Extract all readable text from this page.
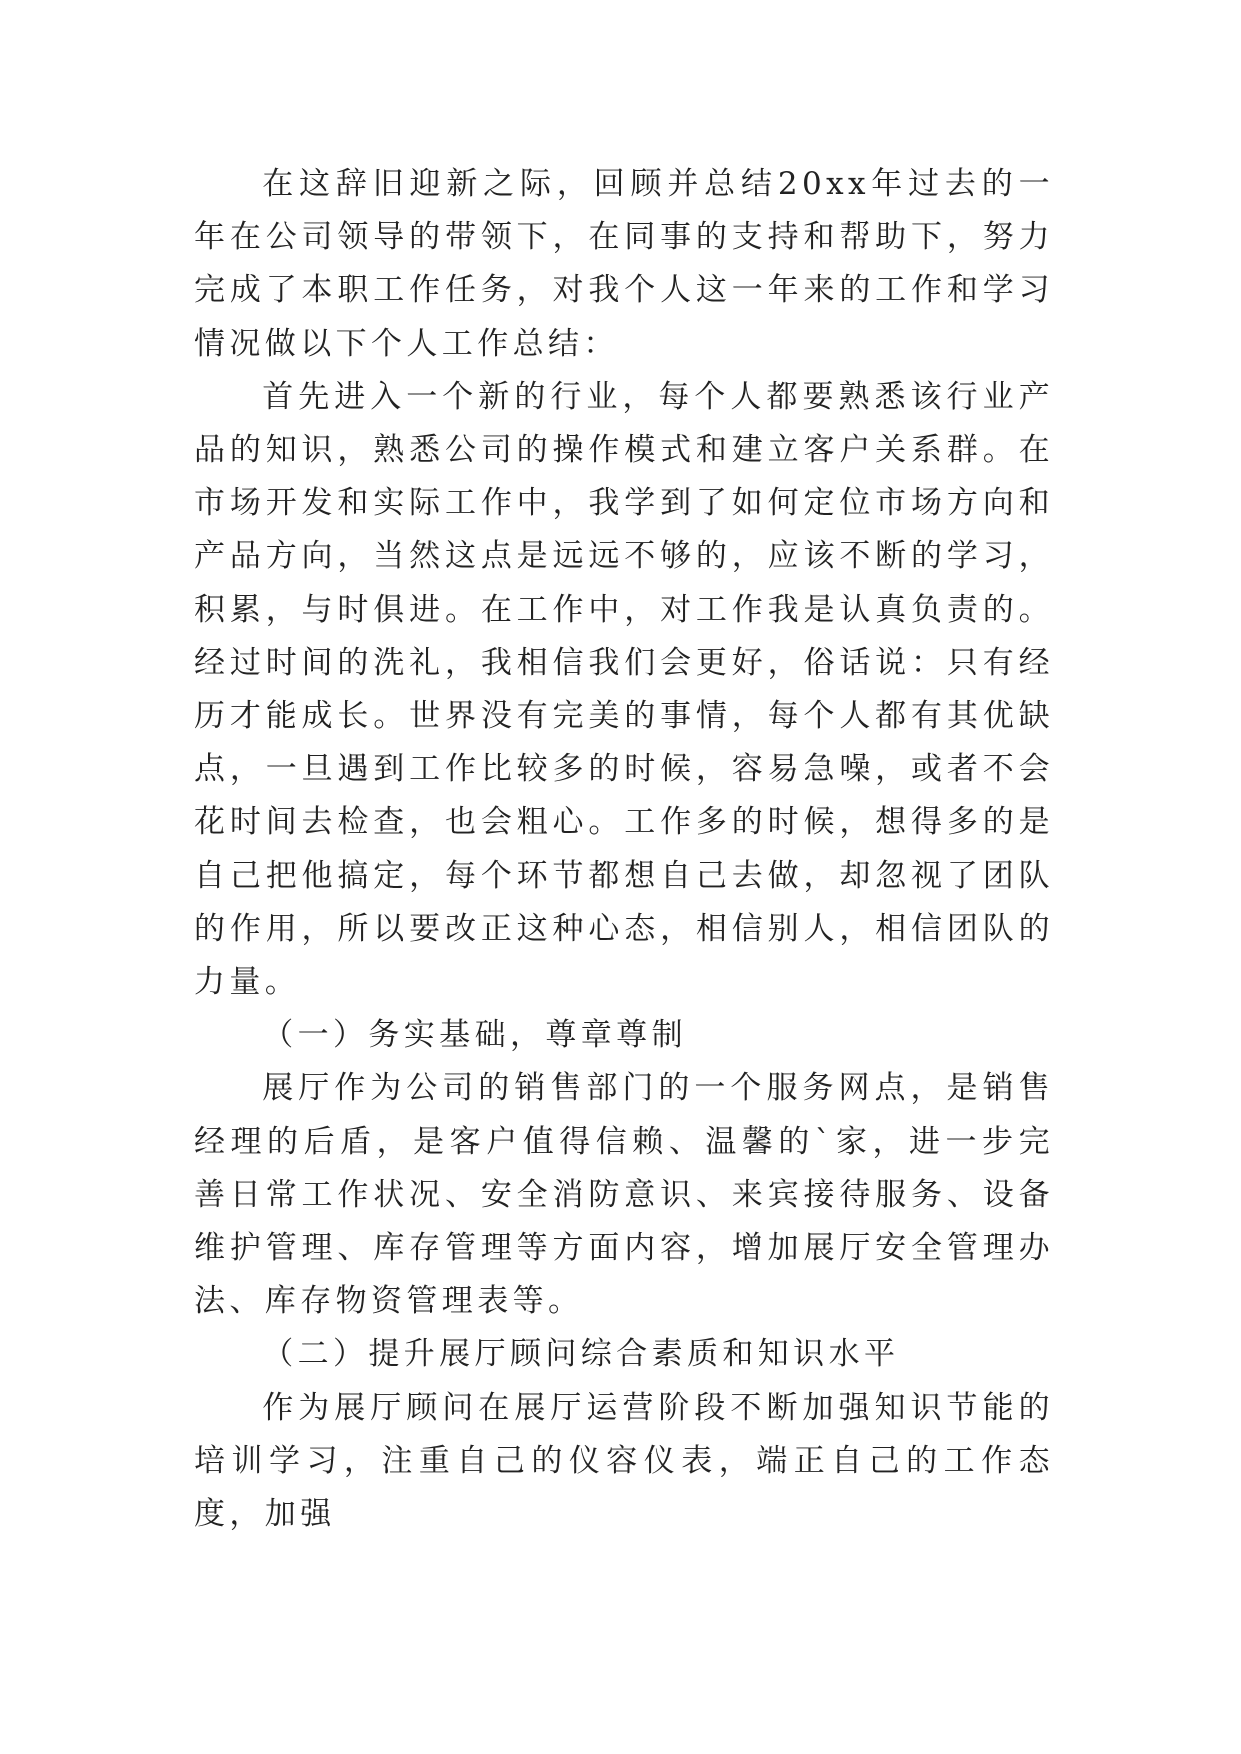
在这辞旧迎新之际，回顾并总结20xx年过去的一年在公司领导的带领下，在同事的支持和帮助下，努力完成了本职工作任务，对我个人这一年来的工作和学习情况做以下个人工作总结：

首先进入一个新的行业，每个人都要熟悉该行业产品的知识，熟悉公司的操作模式和建立客户关系群。在市场开发和实际工作中，我学到了如何定位市场方向和产品方向，当然这点是远远不够的，应该不断的学习，积累，与时俱进。在工作中，对工作我是认真负责的。经过时间的洗礼，我相信我们会更好，俗话说：只有经历才能成长。世界没有完美的事情，每个人都有其优缺点，一旦遇到工作比较多的时候，容易急噪，或者不会花时间去检查，也会粗心。工作多的时候，想得多的是自己把他搞定，每个环节都想自己去做，却忽视了团队的作用，所以要改正这种心态，相信别人，相信团队的力量。

（一）务实基础，尊章尊制

展厅作为公司的销售部门的一个服务网点，是销售经理的后盾，是客户值得信赖、温馨的`家，进一步完善日常工作状况、安全消防意识、来宾接待服务、设备维护管理、库存管理等方面内容，增加展厅安全管理办法、库存物资管理表等。

（二）提升展厅顾问综合素质和知识水平

作为展厅顾问在展厅运营阶段不断加强知识节能的培训学习，注重自己的仪容仪表，端正自己的工作态度，加强
